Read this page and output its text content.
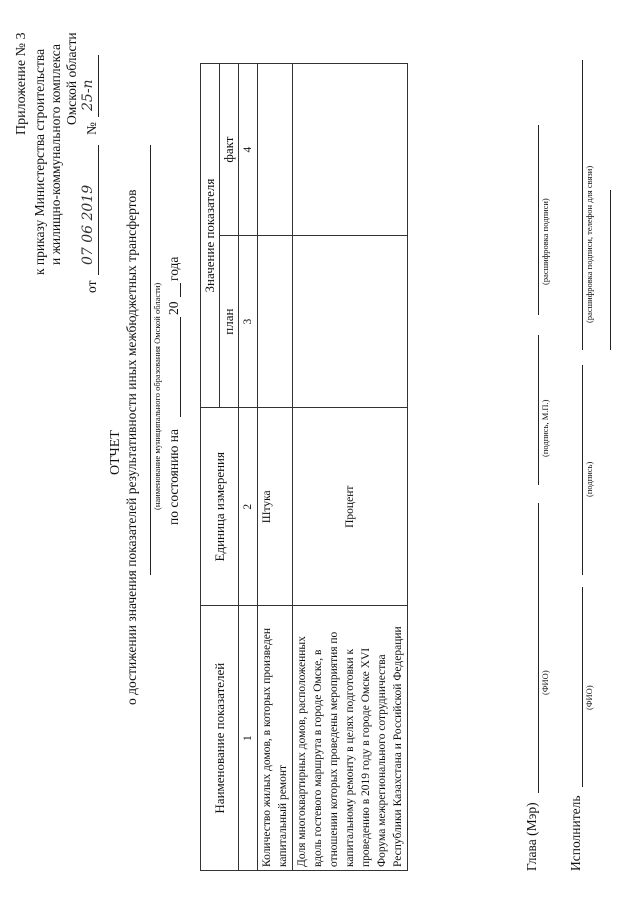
Приложение № 3 к приказу Министерства строительства и жилищно-коммунального комплекса Омской области
от
07 06 2019
№
25-п
ОТЧЕТ о достижении значения показателей результативности иных межбюджетных трансфертов (наименование муниципального образования Омской области) по состоянию на
20
года
Наименование показателей	Единица измерения	Значение показателя	
		план	факт
1	2	3	4
Количество жилых домов, в которых произведен капитальный ремонт	Штука		
Доля многоквартирных домов, расположенных вдоль гостевого маршрута в городе Омске, в отношении которых проведены мероприятия по капитальному ремонту в целях подготовки к проведению в 2019 году в городе Омске XVI Форума межрегионального сотрудничества Республики Казахстана и Российской Федерации	Процент		
Глава (Мэр)
(ФИО)
(подпись, М.П.)
(расшифровка подписи)
Исполнитель
(ФИО)
(подпись)
(расшифровка подписи, телефон для связи)
